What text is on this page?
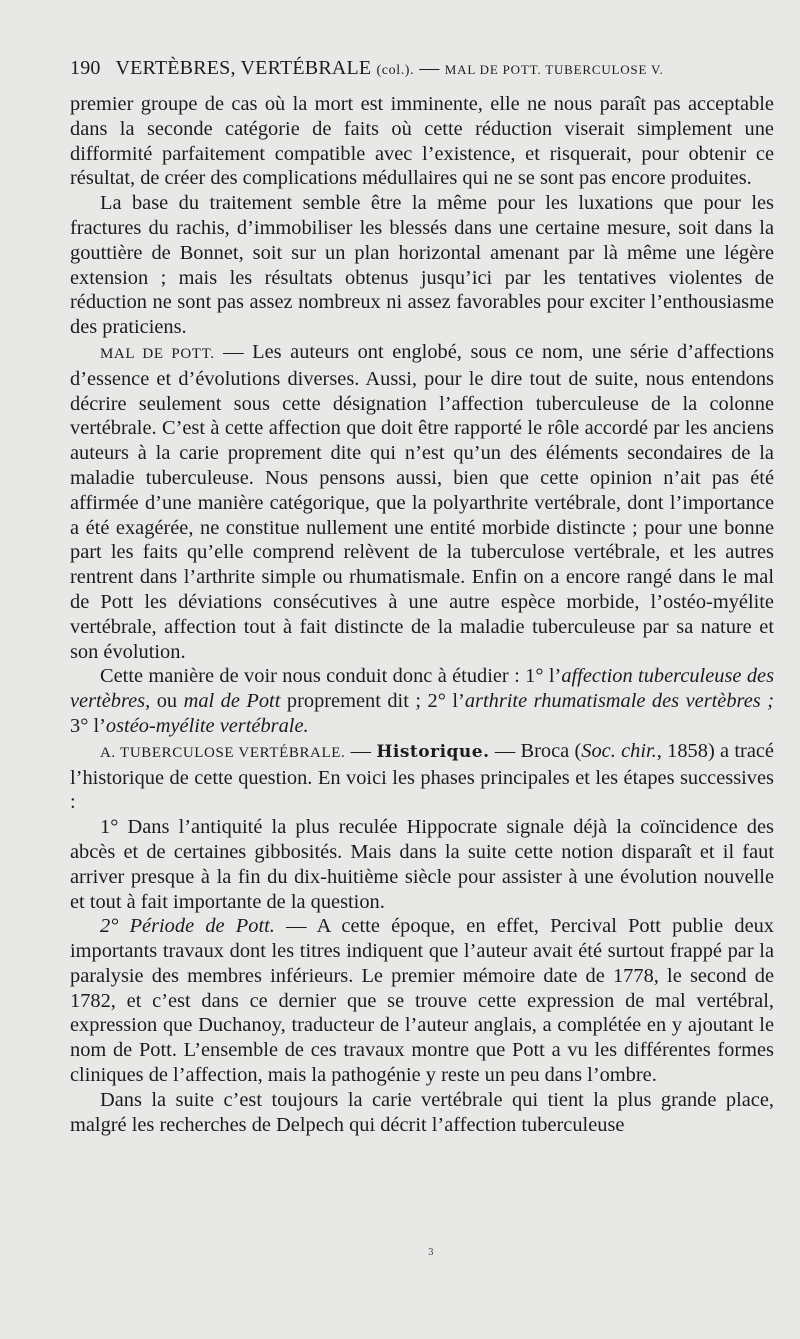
190 VERTÈBRES, VERTÉBRALE (col.). — MAL DE POTT. TUBERCULOSE V.

premier groupe de cas où la mort est imminente, elle ne nous paraît pas acceptable dans la seconde catégorie de faits où cette réduction viserait simplement une difformité parfaitement compatible avec l’existence, et risquerait, pour obtenir ce résultat, de créer des complications médullaires qui ne se sont pas encore produites.

La base du traitement semble être la même pour les luxations que pour les fractures du rachis, d’immobiliser les blessés dans une certaine mesure, soit dans la gouttière de Bonnet, soit sur un plan horizontal amenant par là même une légère extension ; mais les résultats obtenus jusqu’ici par les tentatives violentes de réduction ne sont pas assez nombreux ni assez favorables pour exciter l’enthousiasme des praticiens.

MAL DE POTT. — Les auteurs ont englobé, sous ce nom, une série d’affections d’essence et d’évolutions diverses. Aussi, pour le dire tout de suite, nous entendons décrire seulement sous cette désignation l’affection tuberculeuse de la colonne vertébrale. C’est à cette affection que doit être rapporté le rôle accordé par les anciens auteurs à la carie proprement dite qui n’est qu’un des éléments secondaires de la maladie tuberculeuse. Nous pensons aussi, bien que cette opinion n’ait pas été affirmée d’une manière catégorique, que la polyarthrite vertébrale, dont l’importance a été exagérée, ne constitue nullement une entité morbide distincte ; pour une bonne part les faits qu’elle comprend relèvent de la tuberculose vertébrale, et les autres rentrent dans l’arthrite simple ou rhumatismale. Enfin on a encore rangé dans le mal de Pott les déviations consécutives à une autre espèce morbide, l’ostéo-myélite vertébrale, affection tout à fait distincte de la maladie tuberculeuse par sa nature et son évolution.

Cette manière de voir nous conduit donc à étudier : 1° l’affection tuberculeuse des vertèbres, ou mal de Pott proprement dit ; 2° l’arthrite rhumatismale des vertèbres ; 3° l’ostéo-myélite vertébrale.

A. TUBERCULOSE VERTÉBRALE. — Historique. — Broca (Soc. chir., 1858) a tracé l’historique de cette question. En voici les phases principales et les étapes successives :

1° Dans l’antiquité la plus reculée Hippocrate signale déjà la coïncidence des abcès et de certaines gibbosités. Mais dans la suite cette notion disparaît et il faut arriver presque à la fin du dix-huitième siècle pour assister à une évolution nouvelle et tout à fait importante de la question.

2° Période de Pott. — A cette époque, en effet, Percival Pott publie deux importants travaux dont les titres indiquent que l’auteur avait été surtout frappé par la paralysie des membres inférieurs. Le premier mémoire date de 1778, le second de 1782, et c’est dans ce dernier que se trouve cette expression de mal vertébral, expression que Duchanoy, traducteur de l’auteur anglais, a complétée en y ajoutant le nom de Pott. L’ensemble de ces travaux montre que Pott a vu les différentes formes cliniques de l’affection, mais la pathogénie y reste un peu dans l’ombre.

Dans la suite c’est toujours la carie vertébrale qui tient la plus grande place, malgré les recherches de Delpech qui décrit l’affection tuberculeuse

3
